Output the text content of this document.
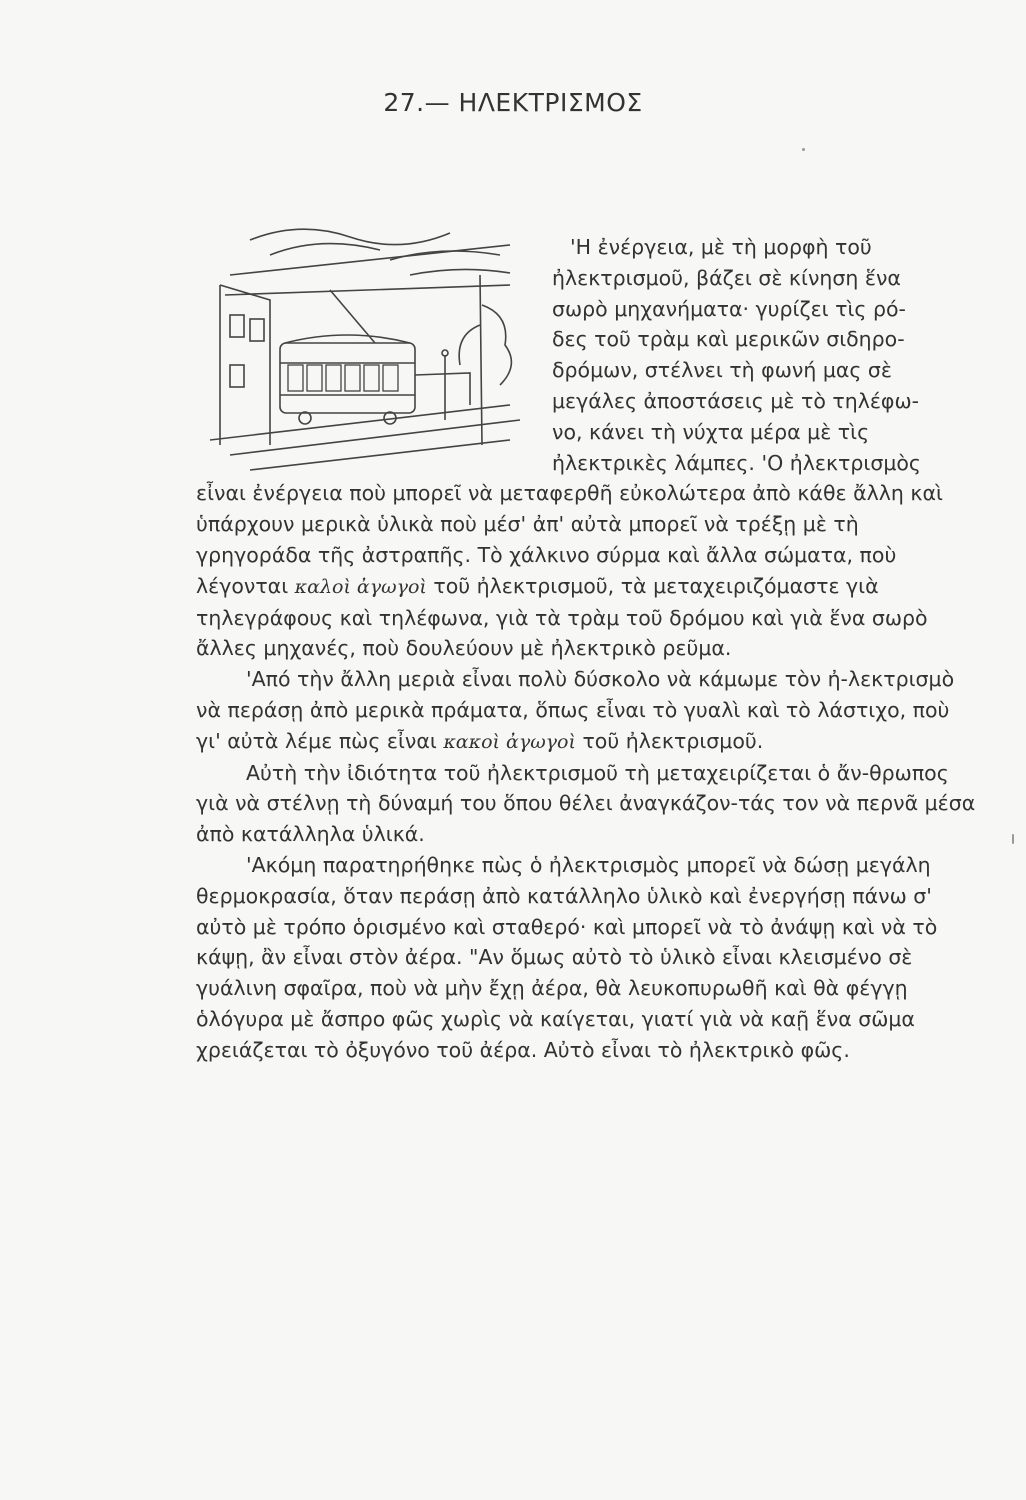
27.— ΗΛΕΚΤΡΙΣΜΟΣ
'Η ἐνέργεια, μὲ τὴ μορφὴ τοῦ
ἠλεκτρισμοῦ, βάζει σὲ κίνηση ἕνα
σωρὸ μηχανήματα· γυρίζει τὶς ρό-
δες τοῦ τρὰμ καὶ μερικῶν σιδηρο-
δρόμων, στέλνει τὴ φωνή μας σὲ
μεγάλες ἀποστάσεις μὲ τὸ τηλέφω-
νο, κάνει τὴ νύχτα μέρα μὲ τὶς
ἠλεκτρικὲς λάμπες. 'Ο ἠλεκτρισμὸς

εἶναι ἐνέργεια ποὺ μπορεῖ νὰ μεταφερθῆ εὐκολώτερα ἀπὸ κάθε ἄλλη καὶ ὑπάρχουν μερικὰ ὑλικὰ ποὺ μέσ' ἀπ' αὐτὰ μπορεῖ νὰ τρέξῃ μὲ τὴ γρηγοράδα τῆς ἀστραπῆς. Τὸ χάλκινο σύρμα καὶ ἄλλα σώματα, ποὺ λέγονται καλοὶ ἀγωγοὶ τοῦ ἠλεκτρισμοῦ, τὰ μεταχειριζόμαστε γιὰ τηλεγράφους καὶ τηλέφωνα, γιὰ τὰ τρὰμ τοῦ δρόμου καὶ γιὰ ἕνα σωρὸ ἄλλες μηχανές, ποὺ δουλεύουν μὲ ἠλεκτρικὸ ρεῦμα.

'Από τὴν ἄλλη μεριὰ εἶναι πολὺ δύσκολο νὰ κάμωμε τὸν ἠ-λεκτρισμὸ νὰ περάσῃ ἀπὸ μερικὰ πράματα, ὅπως εἶναι τὸ γυαλὶ καὶ τὸ λάστιχο, ποὺ γι' αὐτὰ λέμε πὼς εἶναι κακοὶ ἀγωγοὶ τοῦ ἠλεκτρισμοῦ.

Αὐτὴ τὴν ἰδιότητα τοῦ ἠλεκτρισμοῦ τὴ μεταχειρίζεται ὁ ἄν-θρωπος γιὰ νὰ στέλνῃ τὴ δύναμή του ὅπου θέλει ἀναγκάζον-τάς τον νὰ περνᾶ μέσα ἀπὸ κατάλληλα ὑλικά.

'Ακόμη παρατηρήθηκε πὼς ὁ ἠλεκτρισμὸς μπορεῖ νὰ δώσῃ μεγάλη θερμοκρασία, ὅταν περάσῃ ἀπὸ κατάλληλο ὑλικὸ καὶ ἐνεργήσῃ πάνω σ' αὐτὸ μὲ τρόπο ὁρισμένο καὶ σταθερό· καὶ μπορεῖ νὰ τὸ ἀνάψῃ καὶ νὰ τὸ κάψῃ, ἂν εἶναι στὸν ἀέρα. "Αν ὅμως αὐτὸ τὸ ὑλικὸ εἶναι κλεισμένο σὲ γυάλινη σφαῖρα, ποὺ νὰ μὴν ἔχῃ ἀέρα, θὰ λευκοπυρωθῆ καὶ θὰ φέγγῃ ὁλόγυρα μὲ ἄσπρο φῶς χωρὶς νὰ καίγεται, γιατί γιὰ νὰ καῇ ἕνα σῶμα χρειάζεται τὸ ὀξυγόνο τοῦ ἀέρα. Αὐτὸ εἶναι τὸ ἠλεκτρικὸ φῶς.
